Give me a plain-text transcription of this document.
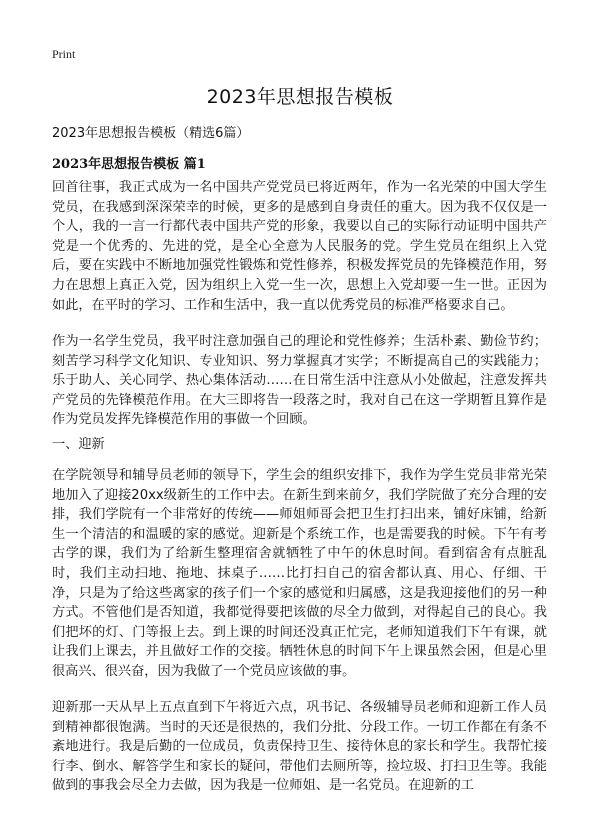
Print
2023年思想报告模板

2023年思想报告模板（精选6篇）

2023年思想报告模板 篇1

回首往事，我正式成为一名中国共产党党员已将近两年，作为一名光荣的中国大学生党员，在我感到深深荣幸的时候，更多的是感到自身责任的重大。因为我不仅仅是一个人，我的一言一行都代表中国共产党的形象，我要以自己的实际行动证明中国共产党是一个优秀的、先进的党，是全心全意为人民服务的党。学生党员在组织上入党后，要在实践中不断地加强党性锻炼和党性修养，积极发挥党员的先锋模范作用，努力在思想上真正入党，因为组织上入党一生一次，思想上入党却要一生一世。正因为如此，在平时的学习、工作和生活中，我一直以优秀党员的标准严格要求自己。

作为一名学生党员，我平时注意加强自己的理论和党性修养；生活朴素、勤俭节约；刻苦学习科学文化知识、专业知识、努力掌握真才实学；不断提高自己的实践能力；乐于助人、关心同学、热心集体活动……在日常生活中注意从小处做起，注意发挥共产党员的先锋模范作用。在大三即将告一段落之时，我对自己在这一学期暂且算作是作为党员发挥先锋模范作用的事做一个回顾。

一、迎新

在学院领导和辅导员老师的领导下，学生会的组织安排下，我作为学生党员非常光荣地加入了迎接20xx级新生的工作中去。在新生到来前夕，我们学院做了充分合理的安排，我们学院有一个非常好的传统——师姐师哥会把卫生打扫出来，铺好床铺，给新生一个清洁的和温暖的家的感觉。迎新是个系统工作，也是需要我的时候。下午有考古学的课，我们为了给新生整理宿舍就牺牲了中午的休息时间。看到宿舍有点脏乱时，我们主动扫地、拖地、抹桌子……比打扫自己的宿舍都认真、用心、仔细、干净，只是为了给这些离家的孩子们一个家的感觉和归属感，这是我迎接他们的另一种方式。不管他们是否知道，我都觉得要把该做的尽全力做到，对得起自己的良心。我们把坏的灯、门等报上去。到上课的时间还没真正忙完，老师知道我们下午有课，就让我们上课去，并且做好工作的交接。牺牲休息的时间下午上课虽然会困，但是心里很高兴、很兴奋，因为我做了一个党员应该做的事。

迎新那一天从早上五点直到下午将近六点，巩书记、各级辅导员老师和迎新工作人员到精神都很饱满。当时的天还是很热的，我们分批、分段工作。一切工作都在有条不紊地进行。我是后勤的一位成员，负责保持卫生、接待休息的家长和学生。我帮忙接行李、倒水、解答学生和家长的疑问，带他们去厕所等，捡垃圾、打扫卫生等。我能做到的事我会尽全力去做，因为我是一位师姐、是一名党员。在迎新的工
